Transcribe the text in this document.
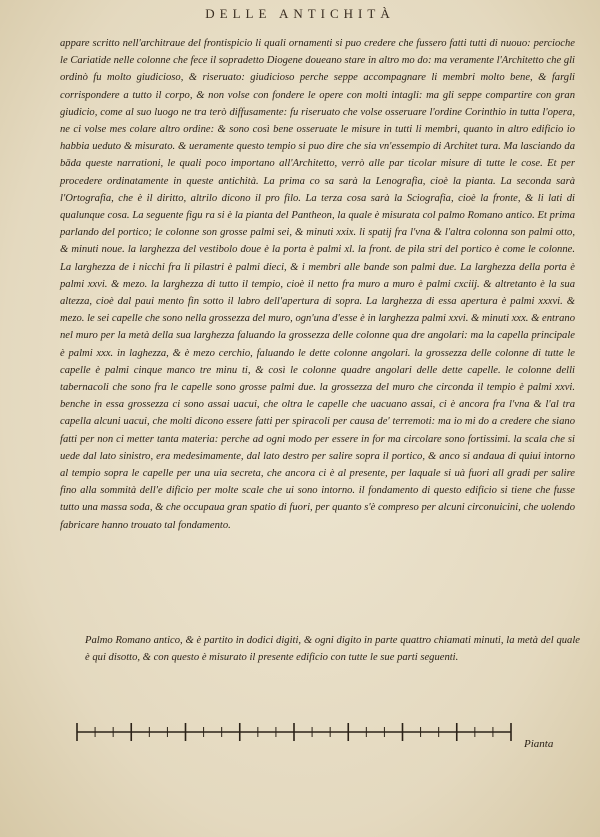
DELLE ANTICHITÀ

appare scritto nell'architraue del frontispicio li quali ornamenti si puo credere che fussero fatti tutti di nuouo: percioche le Cariatide nelle colonne che fece il sopradetto Diogene doueano stare in altro mo do: ma veramente l'Architetto che gli ordinò fu molto giudicioso, & riseruato: giudicioso perche seppe accompagnare li membri molto bene, & fargli corrispondere a tutto il corpo, & non volse con fondere le opere con molti intagli: ma gli seppe compartire con gran giudicio, come al suo luogo ne tra terò diffusamente: fu riseruato che volse osseruare l'ordine Corinthio in tutta l'opera, ne ci volse mes colare altro ordine: & sono così bene osseruate le misure in tutti li membri, quanto in altro edificio io habbia ueduto & misurato. & ueramente questo tempio si puo dire che sia vn'essempio di Architet tura. Ma lasciando da bāda queste narrationi, le quali poco importano all'Architetto, verrò alle par ticolar misure di tutte le cose. Et per procedere ordinatamente in queste antichità. La prima co sa sarà la Lenografia, cioè la pianta. La seconda sarà l'Ortografia, che è il diritto, altrilo dicono il pro filo. La terza cosa sarà la Sciografia, cioè la fronte, & li lati di qualunque cosa. La seguente figu ra si è la pianta del Pantheon, la quale è misurata col palmo Romano antico. Et prima parlando del portico; le colonne son grosse palmi sei, & minuti xxix. li spatij fra l'vna & l'altra colonna son palmi otto, & minuti noue. la larghezza del vestibolo doue è la porta è palmi xl. la front. de pila stri del portico è come le colonne. La larghezza de i nicchi fra li pilastri è palmi dieci, & i membri alle bande son palmi due. La larghezza della porta è palmi xxvi. & mezo. la larghezza di tutto il tempio, cioè il netto fra muro a muro è palmi cxciij. & altretanto è la sua altezza, cioè dal paui mento fin sotto il labro dell'apertura di sopra. La larghezza di essa apertura è palmi xxxvi. & mezo. le sei capelle che sono nella grossezza del muro, ogn'una d'esse è in larghezza palmi xxvi. & minuti xxx. & entrano nel muro per la metà della sua larghezza faluando la grossezza delle colonne qua dre angolari: ma la capella principale è palmi xxx. in laghezza, & è mezo cerchio, faluando le dette colonne angolari. la grossezza delle colonne di tutte le capelle è palmi cinque manco tre minu ti, & così le colonne quadre angolari delle dette capelle. le colonne delli tabernacoli che sono fra le capelle sono grosse palmi due. la grossezza del muro che circonda il tempio è palmi xxvi. benche in essa grossezza ci sono assai uacui, che oltra le capelle che uacuano assai, ci è ancora fra l'vna & l'al tra capella alcuni uacui, che molti dicono essere fatti per spiracoli per causa de' terremoti: ma io mi do a credere che siano fatti per non ci metter tanta materia: perche ad ogni modo per essere in for ma circolare sono fortissimi. la scala che si uede dal lato sinistro, era medesimamente, dal lato destro per salire sopra il portico, & anco si andaua di quiui intorno al tempio sopra le capelle per una uia secreta, che ancora ci è al presente, per laquale si uà fuori all gradi per salire fino alla sommità dell'e dificio per molte scale che ui sono intorno. il fondamento di questo edificio si tiene che fusse tutto una massa soda, & che occupaua gran spatio di fuori, per quanto s'è compreso per alcuni circonuicini, che uolendo fabricare hanno trouato tal fondamento.

Palmo Romano antico, & è partito in dodici digiti, & ogni digito in parte quattro chiamati minuti, la metà del quale è qui disotto, & con questo è misurato il presente edificio con tutte le sue parti seguenti.

Pianta
